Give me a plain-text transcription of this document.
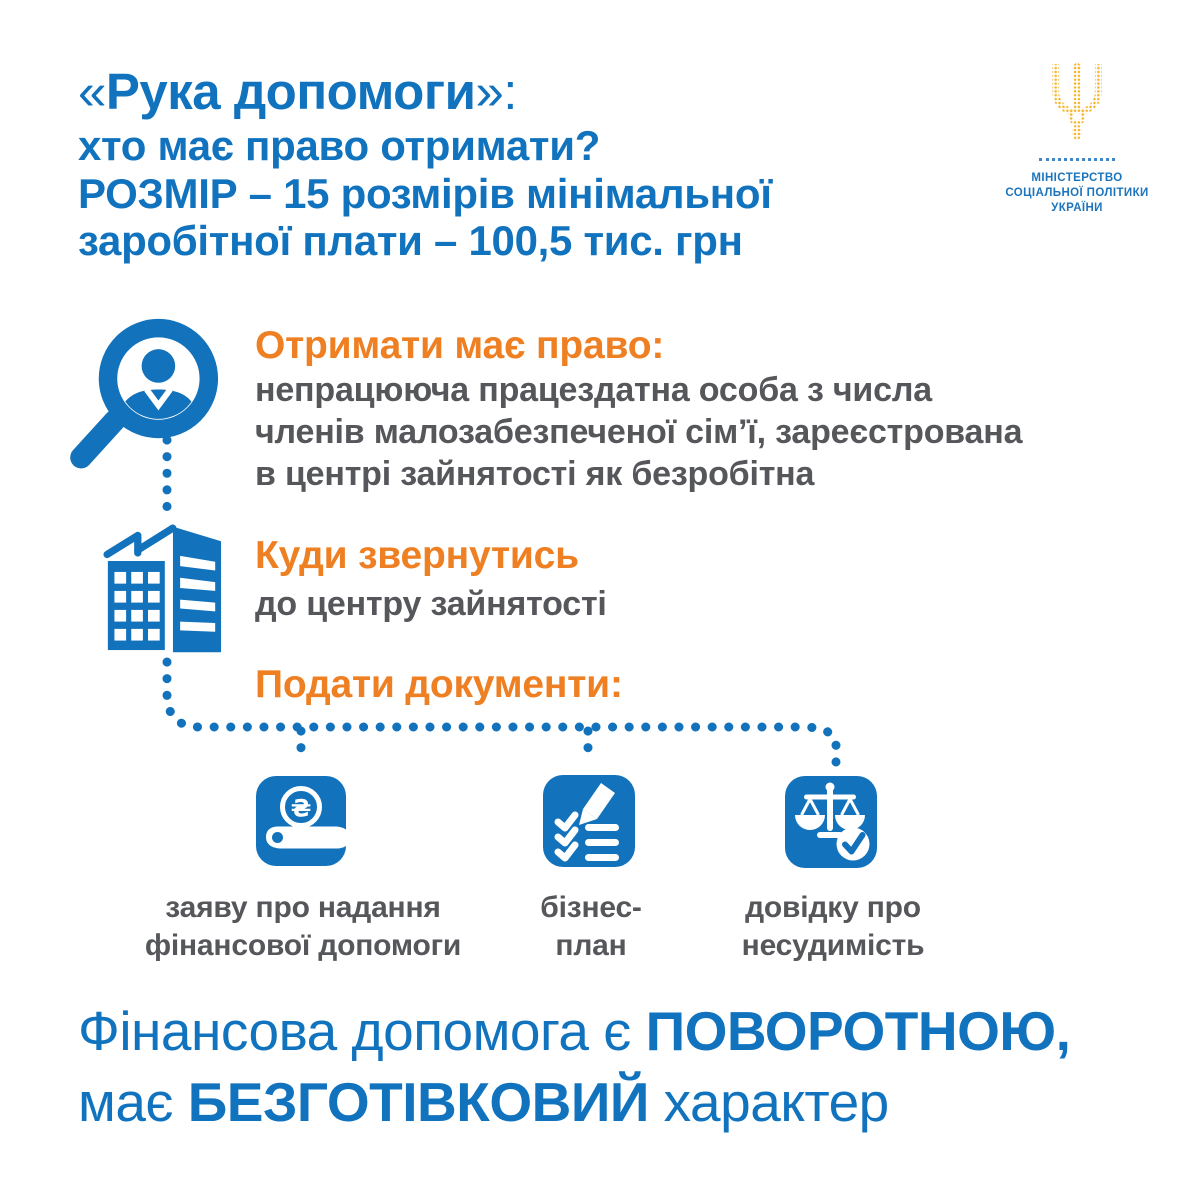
«Рука допомоги»:
хто має право отримати?
РОЗМІР – 15 розмірів мінімальної
заробітної плати – 100,5 тис. грн
МІНІСТЕРСТВО
СОЦІАЛЬНОЇ ПОЛІТИКИ
УКРАЇНИ
Отримати має право:
непрацююча працездатна особа з числа
членів малозабезпеченої сім’ї, зареєстрована
в центрі зайнятості як безробітна
Куди звернутись
до центру зайнятості
Подати документи:
₴
заяву про надання
фінансової допомоги
бізнес-
план
довідку про
несудимість
Фінансова допомога є ПОВОРОТНОЮ,
має БЕЗГОТІВКОВИЙ характер
